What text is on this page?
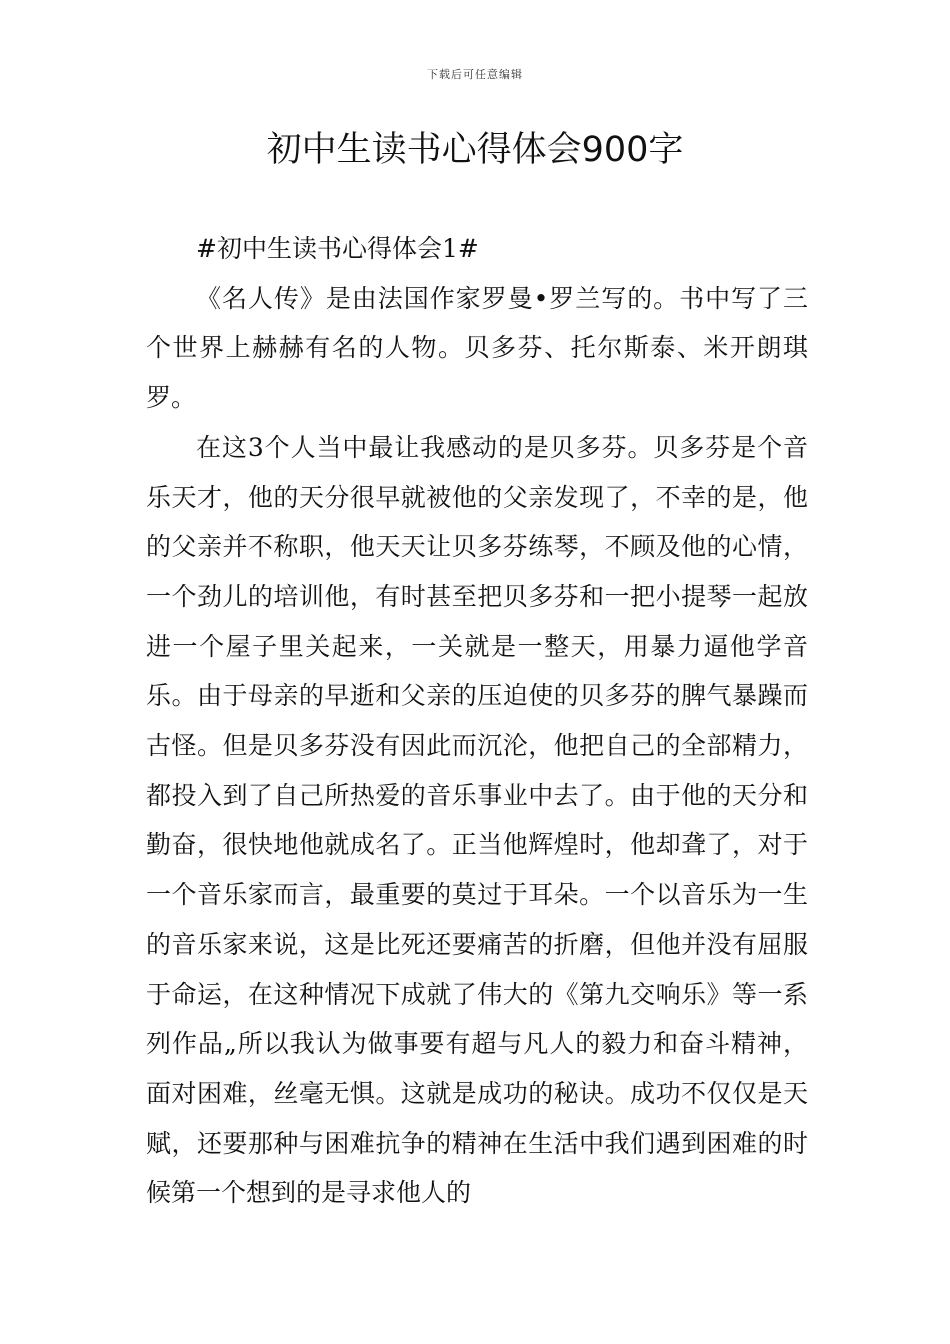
下载后可任意编辑
初中生读书心得体会900字

#初中生读书心得体会1#

《名人传》是由法国作家罗曼•罗兰写的。书中写了三个世界上赫赫有名的人物。贝多芬、托尔斯泰、米开朗琪罗。

在这3个人当中最让我感动的是贝多芬。贝多芬是个音乐天才，他的天分很早就被他的父亲发现了，不幸的是，他的父亲并不称职，他天天让贝多芬练琴，不顾及他的心情，一个劲儿的培训他，有时甚至把贝多芬和一把小提琴一起放进一个屋子里关起来，一关就是一整天，用暴力逼他学音乐。由于母亲的早逝和父亲的压迫使的贝多芬的脾气暴躁而古怪。但是贝多芬没有因此而沉沦，他把自己的全部精力，都投入到了自己所热爱的音乐事业中去了。由于他的天分和勤奋，很快地他就成名了。正当他辉煌时，他却聋了，对于一个音乐家而言，最重要的莫过于耳朵。一个以音乐为一生的音乐家来说，这是比死还要痛苦的折磨，但他并没有屈服于命运，在这种情况下成就了伟大的《第九交响乐》等一系列作品„所以我认为做事要有超与凡人的毅力和奋斗精神，面对困难，丝毫无惧。这就是成功的秘诀。成功不仅仅是天赋，还要那种与困难抗争的精神在生活中我们遇到困难的时候第一个想到的是寻求他人的
